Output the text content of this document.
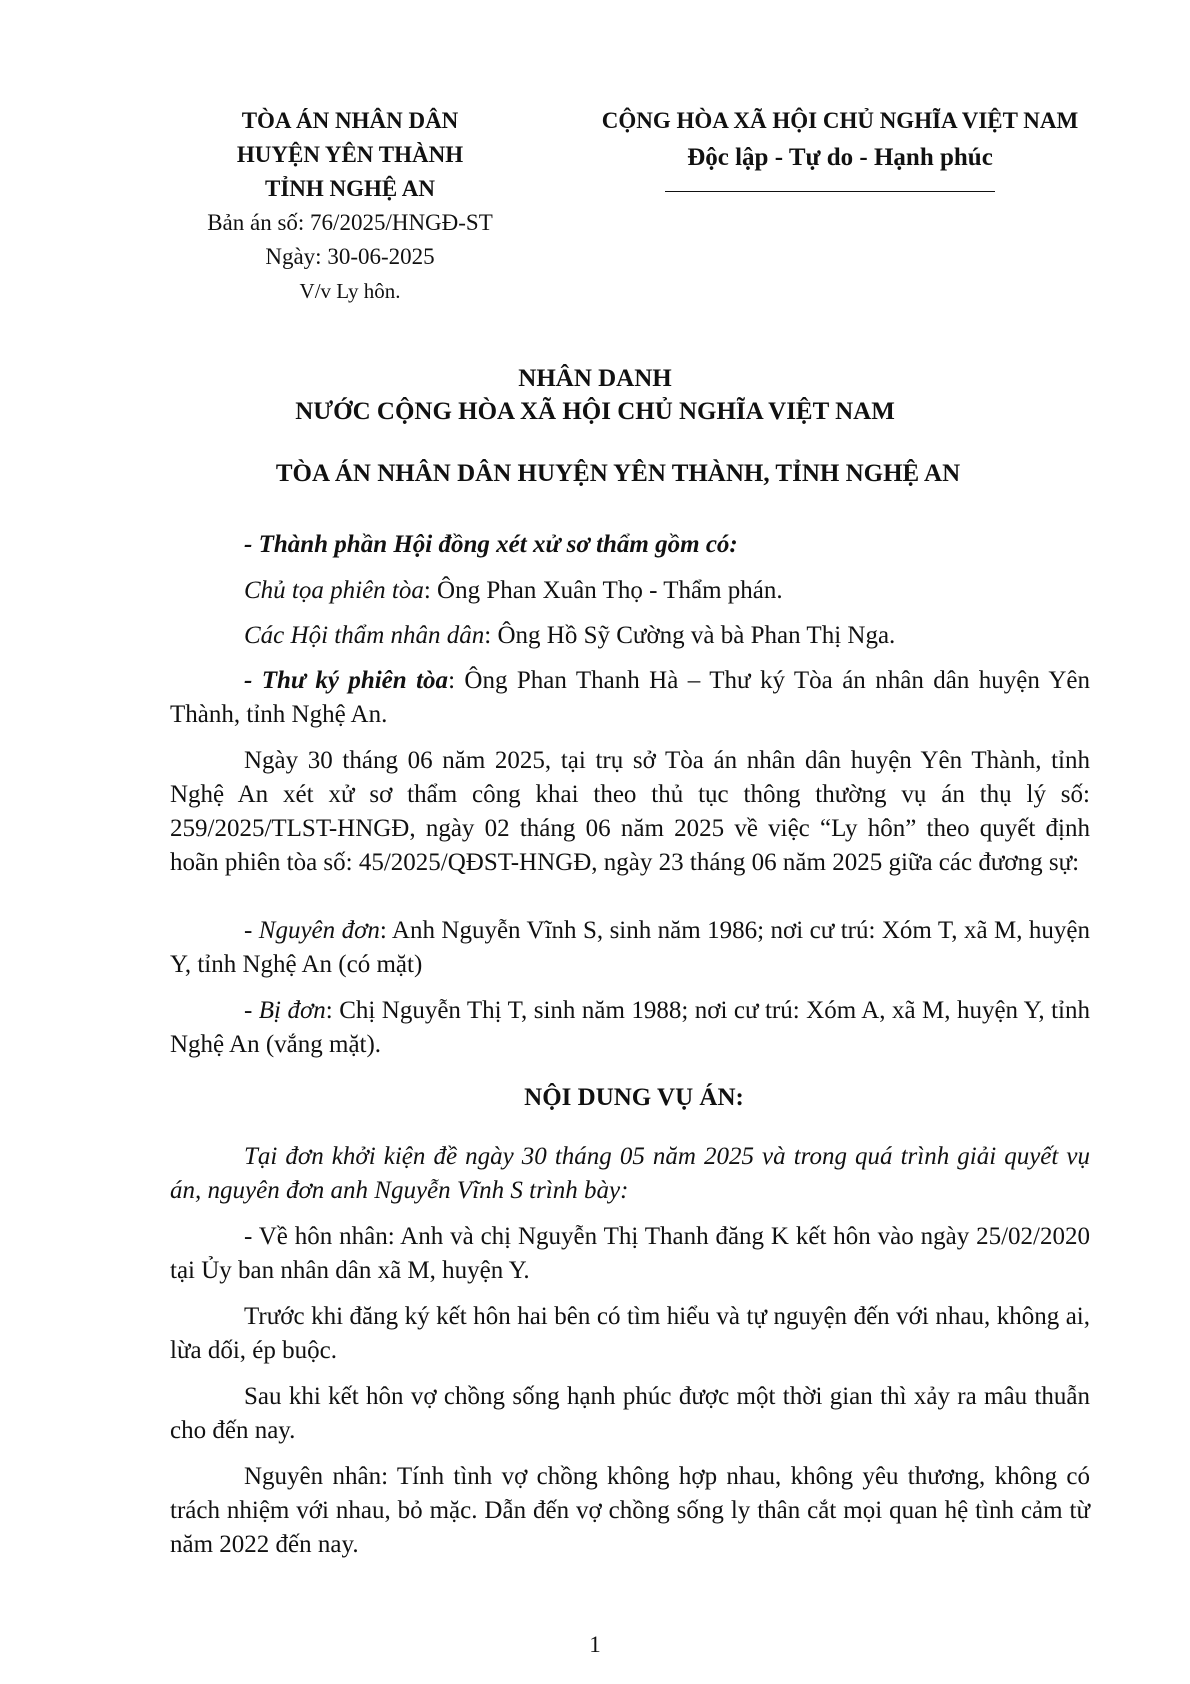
TÒA ÁN NHÂN DÂN
HUYỆN YÊN THÀNH
TỈNH NGHỆ AN
Bản án số: 76/2025/HNGĐ-ST
Ngày: 30-06-2025
V/v Ly hôn.
CỘNG HÒA XÃ HỘI CHỦ NGHĨA VIỆT NAM
Độc lập - Tự do - Hạnh phúc
NHÂN DANH
NƯỚC CỘNG HÒA XÃ HỘI CHỦ NGHĨA VIỆT NAM
TÒA ÁN NHÂN DÂN HUYỆN YÊN THÀNH, TỈNH NGHỆ AN
- Thành phần Hội đồng xét xử sơ thẩm gồm có:
Chủ tọa phiên tòa: Ông Phan Xuân Thọ - Thẩm phán.
Các Hội thẩm nhân dân: Ông Hồ Sỹ Cường và bà Phan Thị Nga.
- Thư ký phiên tòa: Ông Phan Thanh Hà – Thư ký Tòa án nhân dân huyện Yên Thành, tỉnh Nghệ An.
Ngày 30 tháng 06 năm 2025, tại trụ sở Tòa án nhân dân huyện Yên Thành, tỉnh Nghệ An xét xử sơ thẩm công khai theo thủ tục thông thường vụ án thụ lý số: 259/2025/TLST-HNGĐ, ngày 02 tháng 06 năm 2025 về việc “Ly hôn” theo quyết định hoãn phiên tòa số: 45/2025/QĐST-HNGĐ, ngày 23 tháng 06 năm 2025 giữa các đương sự:
- Nguyên đơn: Anh Nguyễn Vĩnh S, sinh năm 1986; nơi cư trú: Xóm T, xã M, huyện Y, tỉnh Nghệ An (có mặt)
- Bị đơn: Chị Nguyễn Thị T, sinh năm 1988; nơi cư trú: Xóm A, xã M, huyện Y, tỉnh Nghệ An (vắng mặt).
NỘI DUNG VỤ ÁN:
Tại đơn khởi kiện đề ngày 30 tháng 05 năm 2025 và trong quá trình giải quyết vụ án, nguyên đơn anh Nguyễn Vĩnh S trình bày:
- Về hôn nhân: Anh và chị Nguyễn Thị Thanh đăng K kết hôn vào ngày 25/02/2020 tại Ủy ban nhân dân xã M, huyện Y.
Trước khi đăng ký kết hôn hai bên có tìm hiểu và tự nguyện đến với nhau, không ai, lừa dối, ép buộc.
Sau khi kết hôn vợ chồng sống hạnh phúc được một thời gian thì xảy ra mâu thuẫn cho đến nay.
Nguyên nhân: Tính tình vợ chồng không hợp nhau, không yêu thương, không có trách nhiệm với nhau, bỏ mặc. Dẫn đến vợ chồng sống ly thân cắt mọi quan hệ tình cảm từ năm 2022 đến nay.
1
